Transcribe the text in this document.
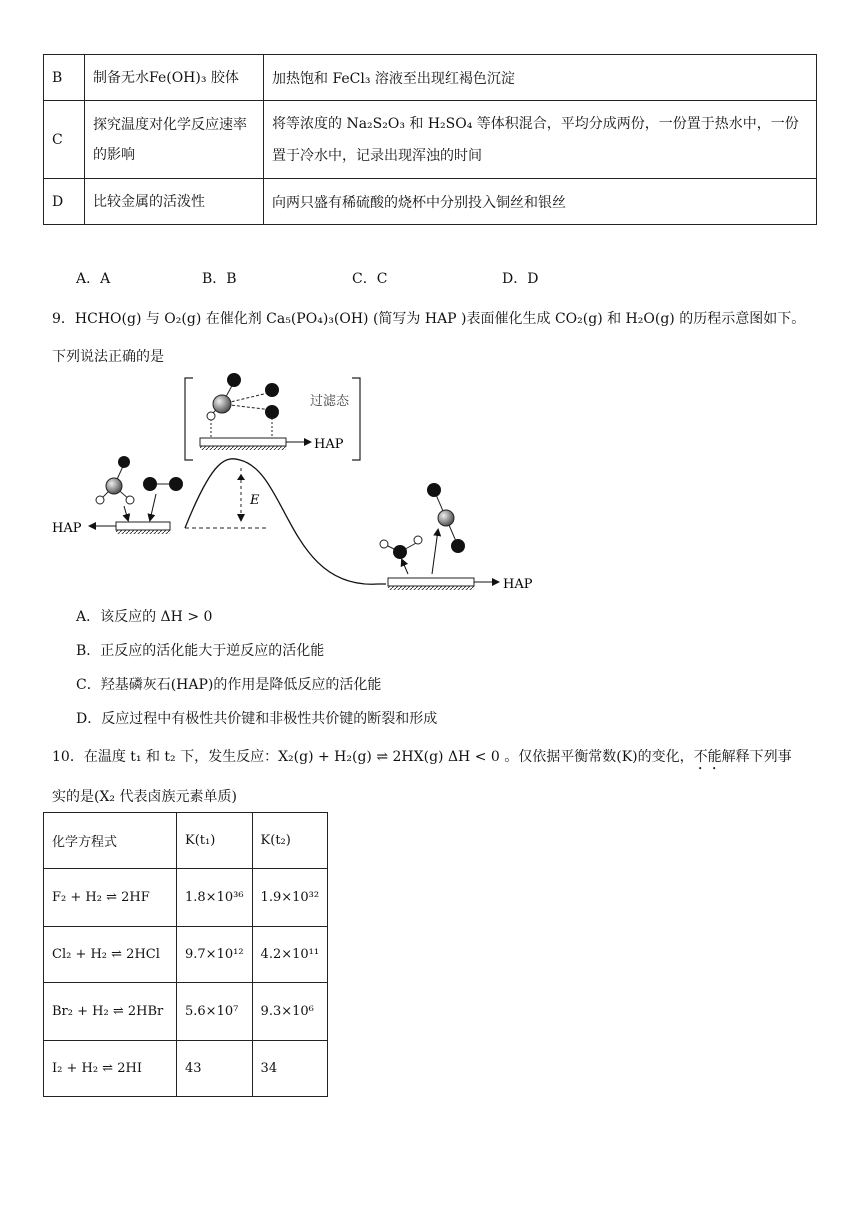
B	制备无水Fe(OH)₃ 胶体	加热饱和 FeCl₃ 溶液至出现红褐色沉淀
C	探究温度对化学反应速率的影响	将等浓度的 Na₂S₂O₃ 和 H₂SO₄ 等体积混合，平均分成两份，一份置于热水中，一份置于冷水中，记录出现浑浊的时间
D	比较金属的活泼性	向两只盛有稀硫酸的烧杯中分别投入铜丝和银丝
A．A	B．B	C．C	D．D
9．HCHO(g) 与 O₂(g) 在催化剂 Ca₅(PO₄)₃(OH) (简写为 HAP )表面催化生成 CO₂(g) 和 H₂O(g) 的历程示意图如下。
下列说法正确的是
过滤态
HAP
E
HAP
HAP
A．该反应的 ΔH > 0
B．正反应的活化能大于逆反应的活化能
C．羟基磷灰石(HAP)的作用是降低反应的活化能
D．反应过程中有极性共价键和非极性共价键的断裂和形成
10．在温度 t₁ 和 t₂ 下，发生反应：X₂(g) + H₂(g) ⇌ 2HX(g) ΔH < 0 。仅依据平衡常数(K)的变化，不能解释下列事
实的是(X₂ 代表卤族元素单质)
化学方程式	K(t₁)	K(t₂)
F₂ + H₂ ⇌ 2HF	1.8×10³⁶	1.9×10³²
Cl₂ + H₂ ⇌ 2HCl	9.7×10¹²	4.2×10¹¹
Br₂ + H₂ ⇌ 2HBr	5.6×10⁷	9.3×10⁶
I₂ + H₂ ⇌ 2HI	43	34
